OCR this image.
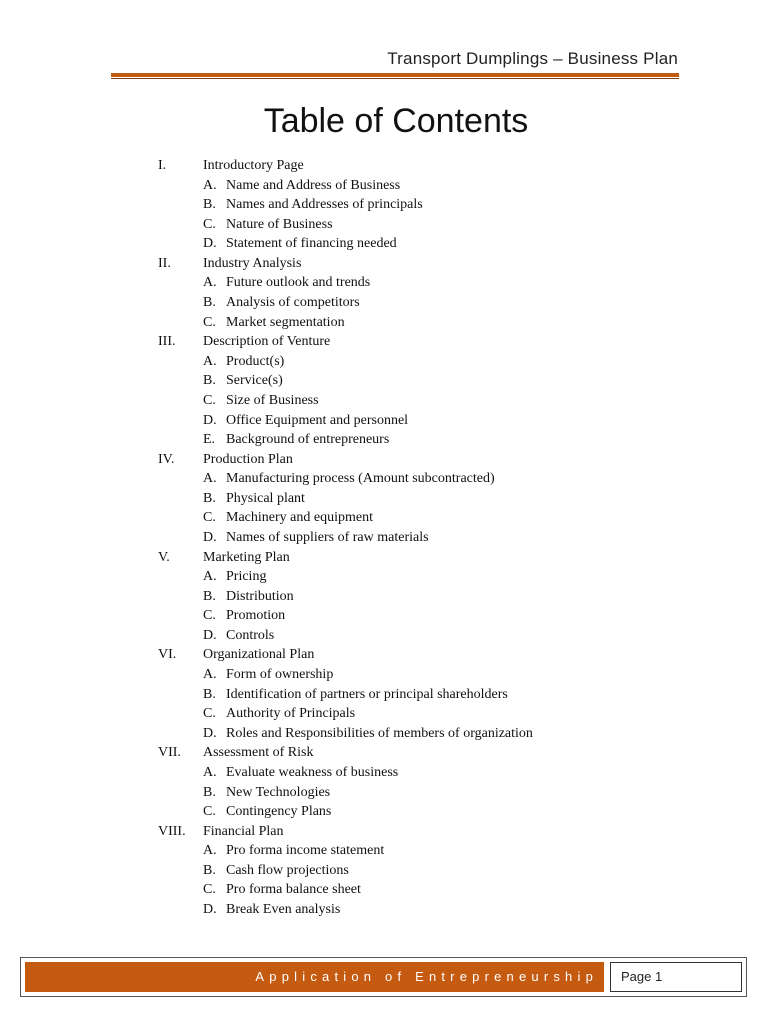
Transport Dumplings – Business Plan
Table of Contents
I.	Introductory Page
A. Name and Address of Business
B. Names and Addresses of principals
C. Nature of Business
D. Statement of financing needed
II. Industry Analysis
A. Future outlook and trends
B. Analysis of competitors
C. Market segmentation
III. Description of Venture
A. Product(s)
B. Service(s)
C. Size of Business
D. Office Equipment and personnel
E. Background of entrepreneurs
IV. Production Plan
A. Manufacturing process (Amount subcontracted)
B. Physical plant
C. Machinery and equipment
D. Names of suppliers of raw materials
V. Marketing Plan
A. Pricing
B. Distribution
C. Promotion
D. Controls
VI. Organizational Plan
A. Form of ownership
B. Identification of partners or principal shareholders
C. Authority of Principals
D. Roles and Responsibilities of members of organization
VII. Assessment of Risk
A. Evaluate weakness of business
B. New Technologies
C. Contingency Plans
VIII. Financial Plan
A. Pro forma income statement
B. Cash flow projections
C. Pro forma balance sheet
D. Break Even analysis
Application of Entrepreneurship Page 1
